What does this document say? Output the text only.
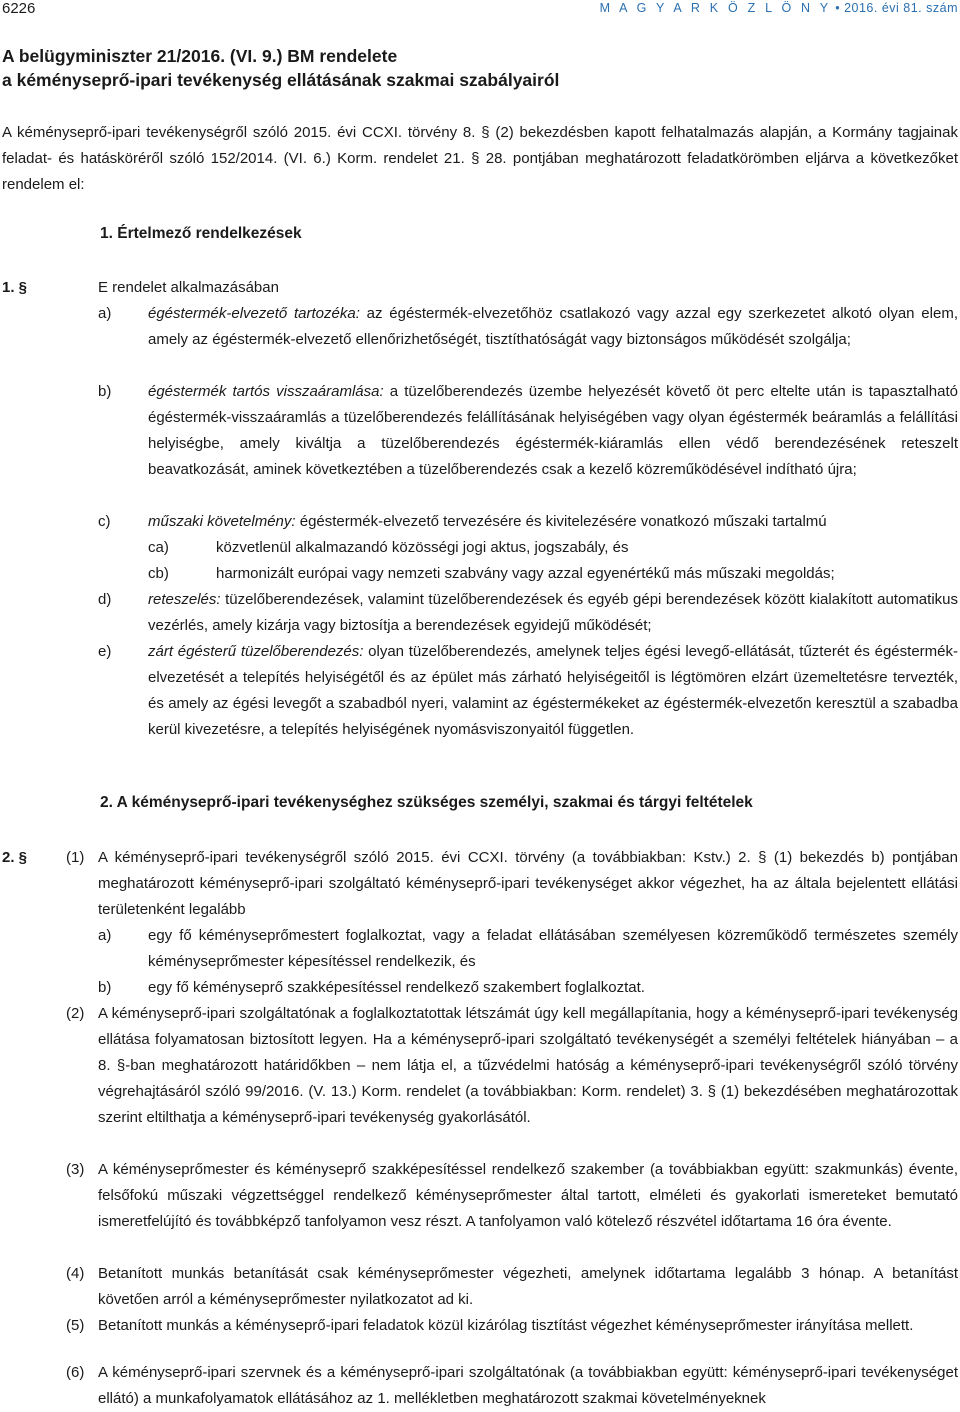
6226	M A G Y A R K Ö Z L Ö N Y • 2016. évi 81. szám
A belügyminiszter 21/2016. (VI. 9.) BM rendelete
a kéményseprő-ipari tevékenység ellátásának szakmai szabályairól
A kéményseprő-ipari tevékenységről szóló 2015. évi CCXI. törvény 8. § (2) bekezdésben kapott felhatalmazás alapján, a Kormány tagjainak feladat- és hatásköréről szóló 152/2014. (VI. 6.) Korm. rendelet 21. § 28. pontjában meghatározott feladatkörömben eljárva a következőket rendelem el:
1. Értelmező rendelkezések
1. §	E rendelet alkalmazásában
a) égéstermék-elvezető tartozéka: az égéstermék-elvezetőhöz csatlakozó vagy azzal egy szerkezetet alkotó olyan elem, amely az égéstermék-elvezető ellenőrizhetőségét, tisztíthatóságát vagy biztonságos működését szolgálja;
b) égéstermék tartós visszaáramlása: a tüzelőberendezés üzembe helyezését követő öt perc eltelte után is tapasztalható égéstermék-visszaáramlás a tüzelőberendezés felállításának helyiségében vagy olyan égéstermék beáramlás a felállítási helyiségbe, amely kiváltja a tüzelőberendezés égéstermék-kiáramlás ellen védő berendezésének reteszelt beavatkozását, aminek következtében a tüzelőberendezés csak a kezelő közreműködésével indítható újra;
c)	műszaki követelmény: égéstermék-elvezető tervezésére és kivitelezésére vonatkozó műszaki tartalmú
ca)	közvetlenül alkalmazandó közösségi jogi aktus, jogszabály, és
cb)	harmonizált európai vagy nemzeti szabvány vagy azzal egyenértékű más műszaki megoldás;
d) reteszelés: tüzelőberendezések, valamint tüzelőberendezések és egyéb gépi berendezések között kialakított automatikus vezérlés, amely kizárja vagy biztosítja a berendezések egyidejű működését;
e) zárt égésterű tüzelőberendezés: olyan tüzelőberendezés, amelynek teljes égési levegő-ellátását, tűzterét és égéstermék-elvezetését a telepítés helyiségétől és az épület más zárható helyiségeitől is légtömören elzárt üzemeltetésre tervezték, és amely az égési levegőt a szabadból nyeri, valamint az égéstermékeket az égéstermék-elvezetőn keresztül a szabadba kerül kivezetésre, a telepítés helyiségének nyomásviszonyaitól független.
2. A kéményseprő-ipari tevékenységhez szükséges személyi, szakmai és tárgyi feltételek
2. §	(1) A kéményseprő-ipari tevékenységről szóló 2015. évi CCXI. törvény (a továbbiakban: Kstv.) 2. § (1) bekezdés b) pontjában meghatározott kéményseprő-ipari szolgáltató kéményseprő-ipari tevékenységet akkor végezhet, ha az általa bejelentett ellátási területenként legalább
a) egy fő kéményseprőmestert foglalkoztat, vagy a feladat ellátásában személyesen közreműködő természetes személy kéményseprőmester képesítéssel rendelkezik, és
b) egy fő kéményseprő szakképesítéssel rendelkező szakembert foglalkoztat.
(2) A kéményseprő-ipari szolgáltatónak a foglalkoztatottak létszámát úgy kell megállapítania, hogy a kéményseprő-ipari tevékenység ellátása folyamatosan biztosított legyen. Ha a kéményseprő-ipari szolgáltató tevékenységét a személyi feltételek hiányában – a 8. §-ban meghatározott határidőkben – nem látja el, a tűzvédelmi hatóság a kéményseprő-ipari tevékenységről szóló törvény végrehajtásáról szóló 99/2016. (V. 13.) Korm. rendelet (a továbbiakban: Korm. rendelet) 3. § (1) bekezdésében meghatározottak szerint eltilthatja a kéményseprő-ipari tevékenység gyakorlásától.
(3) A kéményseprőmester és kéményseprő szakképesítéssel rendelkező szakember (a továbbiakban együtt: szakmunkás) évente, felsőfokú műszaki végzettséggel rendelkező kéményseprőmester által tartott, elméleti és gyakorlati ismereteket bemutató ismeretfelújító és továbbképző tanfolyamon vesz részt. A tanfolyamon való kötelező részvétel időtartama 16 óra évente.
(4) Betanított munkás betanítását csak kéményseprőmester végezheti, amelynek időtartama legalább 3 hónap. A betanítást követően arról a kéményseprőmester nyilatkozatot ad ki.
(5) Betanított munkás a kéményseprő-ipari feladatok közül kizárólag tisztítást végezhet kéményseprőmester irányítása mellett.
(6) A kéményseprő-ipari szervnek és a kéményseprő-ipari szolgáltatónak (a továbbiakban együtt: kéményseprő-ipari tevékenységet ellátó) a munkafolyamatok ellátásához az 1. mellékletben meghatározott szakmai követelményeknek
